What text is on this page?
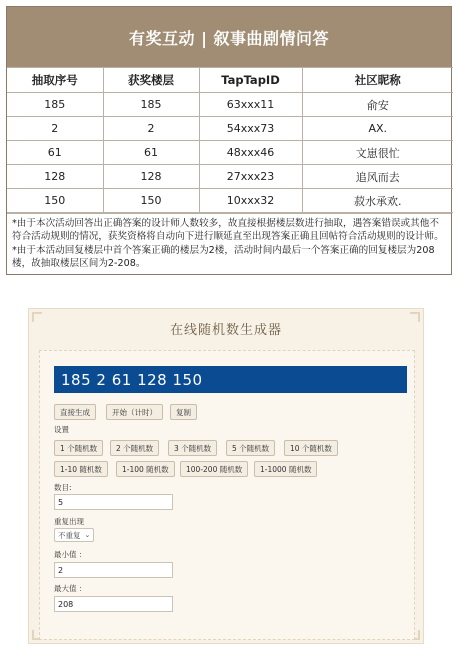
有奖互动 | 叙事曲剧情问答
抽取序号	获奖楼层	TapTapID	社区昵称
185	185	63xxx11	俞安
2	2	54xxx73	AX.
61	61	48xxx46	文崽很忙
128	128	27xxx23	追风而去
150	150	10xxx32	菽水承欢.

*由于本次活动回答出正确答案的设计师人数较多，故直接根据楼层数进行抽取，遇答案错误或其他不符合活动规则的情况，获奖资格将自动向下进行顺延直至出现答案正确且回帖符合活动规则的设计师。

*由于本活动回复楼层中首个答案正确的楼层为2楼，活动时间内最后一个答案正确的回复楼层为208楼，故抽取楼层区间为2-208。

在线随机数生成器
185 2 61 128 150
直接生成	开始（计时）	复制
设置
1 个随机数	2 个随机数	3 个随机数	5 个随机数	10 个随机数
1-10 随机数	1-100 随机数	100-200 随机数	1-1000 随机数
数目:
5
重复出现
不重复 ⌄
最小值 ：
2
最大值 ：
208
